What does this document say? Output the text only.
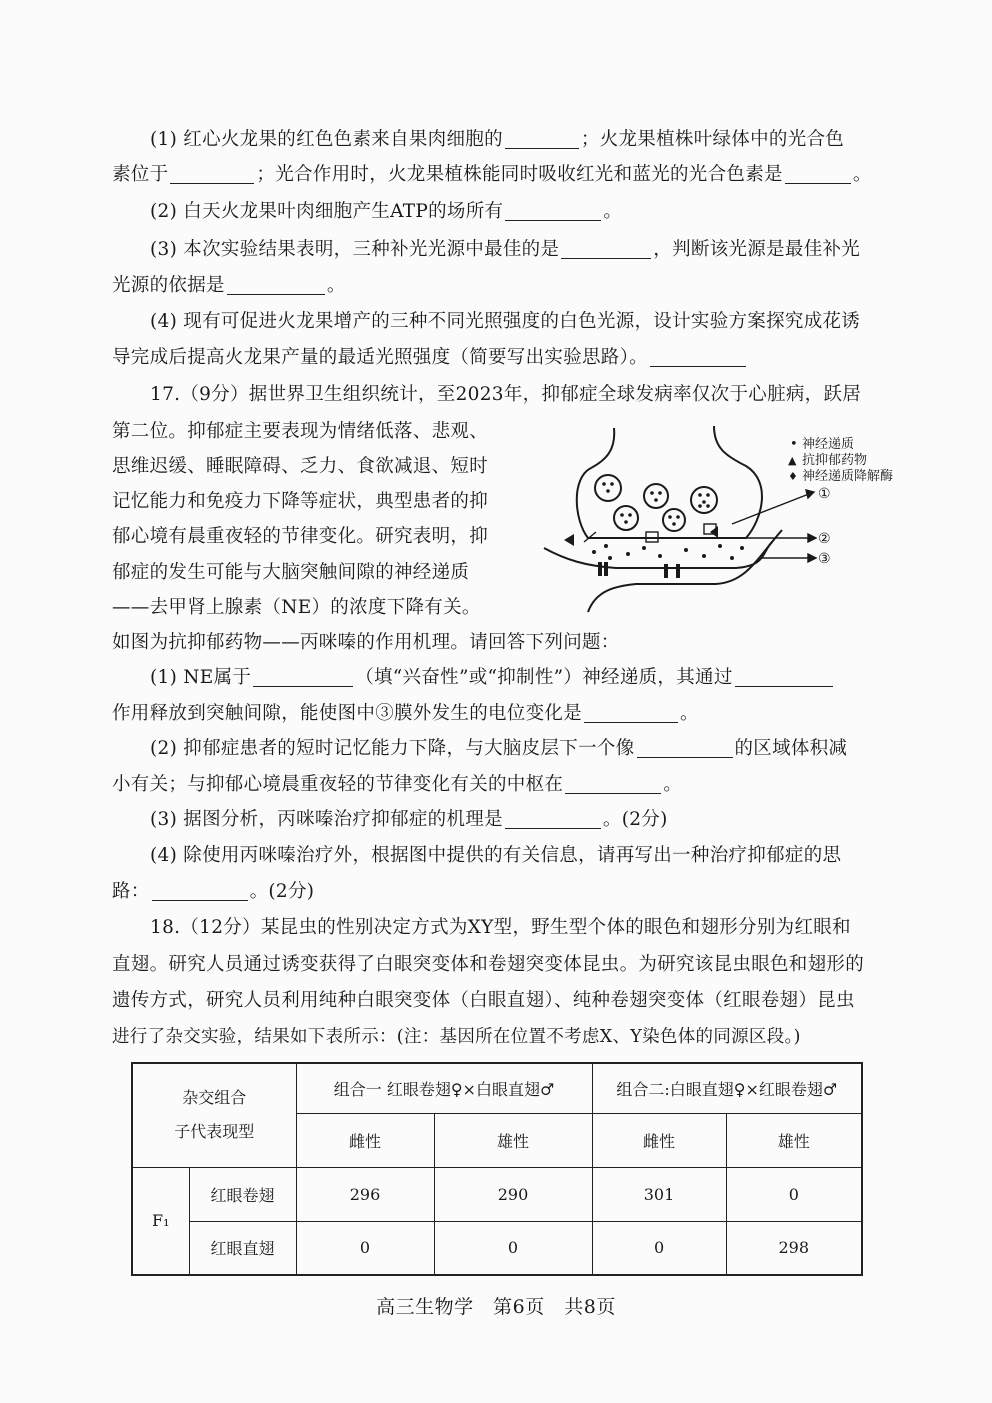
(1) 红心火龙果的红色色素来自果肉细胞的	；火龙果植株叶绿体中的光合色
素位于	；光合作用时，火龙果植株能同时吸收红光和蓝光的光合色素是	。
(2) 白天火龙果叶肉细胞产生ATP的场所有	。
(3) 本次实验结果表明，三种补光光源中最佳的是	，判断该光源是最佳补光
光源的依据是	。
(4) 现有可促进火龙果增产的三种不同光照强度的白色光源，设计实验方案探究成花诱
导完成后提高火龙果产量的最适光照强度（简要写出实验思路）。
17.（9分）据世界卫生组织统计，至2023年，抑郁症全球发病率仅次于心脏病，跃居
第二位。抑郁症主要表现为情绪低落、悲观、
思维迟缓、睡眠障碍、乏力、食欲减退、短时
记忆能力和免疫力下降等症状，典型患者的抑
郁心境有晨重夜轻的节律变化。研究表明，抑
郁症的发生可能与大脑突触间隙的神经递质
——去甲肾上腺素（NE）的浓度下降有关。
如图为抗抑郁药物——丙咪嗪的作用机理。请回答下列问题：
• 神经递质
▲ 抗抑郁药物
♦ 神经递质降解酶
①
②
③
(1) NE属于	（填“兴奋性”或“抑制性”）神经递质，其通过
作用释放到突触间隙，能使图中③膜外发生的电位变化是	。
(2) 抑郁症患者的短时记忆能力下降，与大脑皮层下一个像	的区域体积减
小有关；与抑郁心境晨重夜轻的节律变化有关的中枢在	。
(3) 据图分析，丙咪嗪治疗抑郁症的机理是	。(2分)
(4) 除使用丙咪嗪治疗外，根据图中提供的有关信息，请再写出一种治疗抑郁症的思
路：	。(2分)
18.（12分）某昆虫的性别决定方式为XY型，野生型个体的眼色和翅形分别为红眼和
直翅。研究人员通过诱变获得了白眼突变体和卷翅突变体昆虫。为研究该昆虫眼色和翅形的
遗传方式，研究人员利用纯种白眼突变体（白眼直翅）、纯种卷翅突变体（红眼卷翅）昆虫
进行了杂交实验，结果如下表所示：(注：基因所在位置不考虑X、Y染色体的同源区段。)
杂交组合
子代表现型		组合一 红眼卷翅♀×白眼直翅♂		组合二:白眼直翅♀×红眼卷翅♂	
		雌性	雄性	雌性	雄性
F₁	红眼卷翅	296	290	301	0
	红眼直翅	0	0	0	298
高三生物学　第6页　共8页
